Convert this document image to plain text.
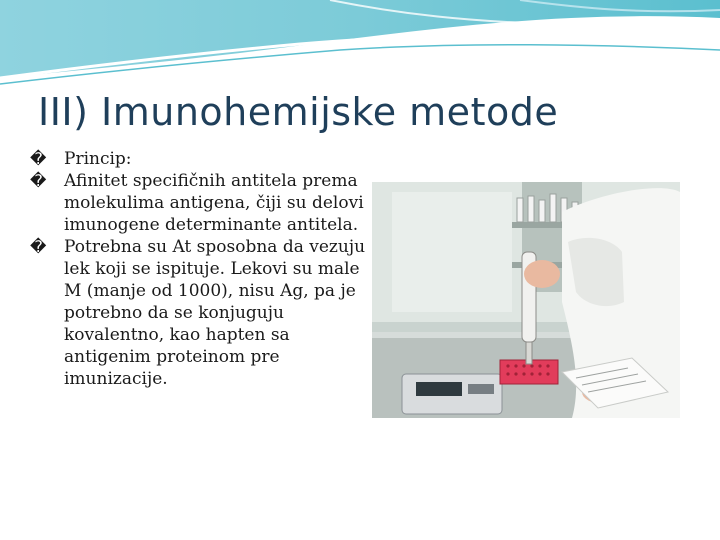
III) Imunohemijske metode
� Princip:
� Afinitet specifičnih antitela prema molekulima antigena, čiji su delovi imunogene determinante antitela.
� Potrebna su At sposobna da vezuju lek koji se ispituje. Lekovi su male M (manje od 1000), nisu Ag, pa je potrebno da se konjuguju kovalentno, kao hapten sa antigenim proteinom pre imunizacije.
